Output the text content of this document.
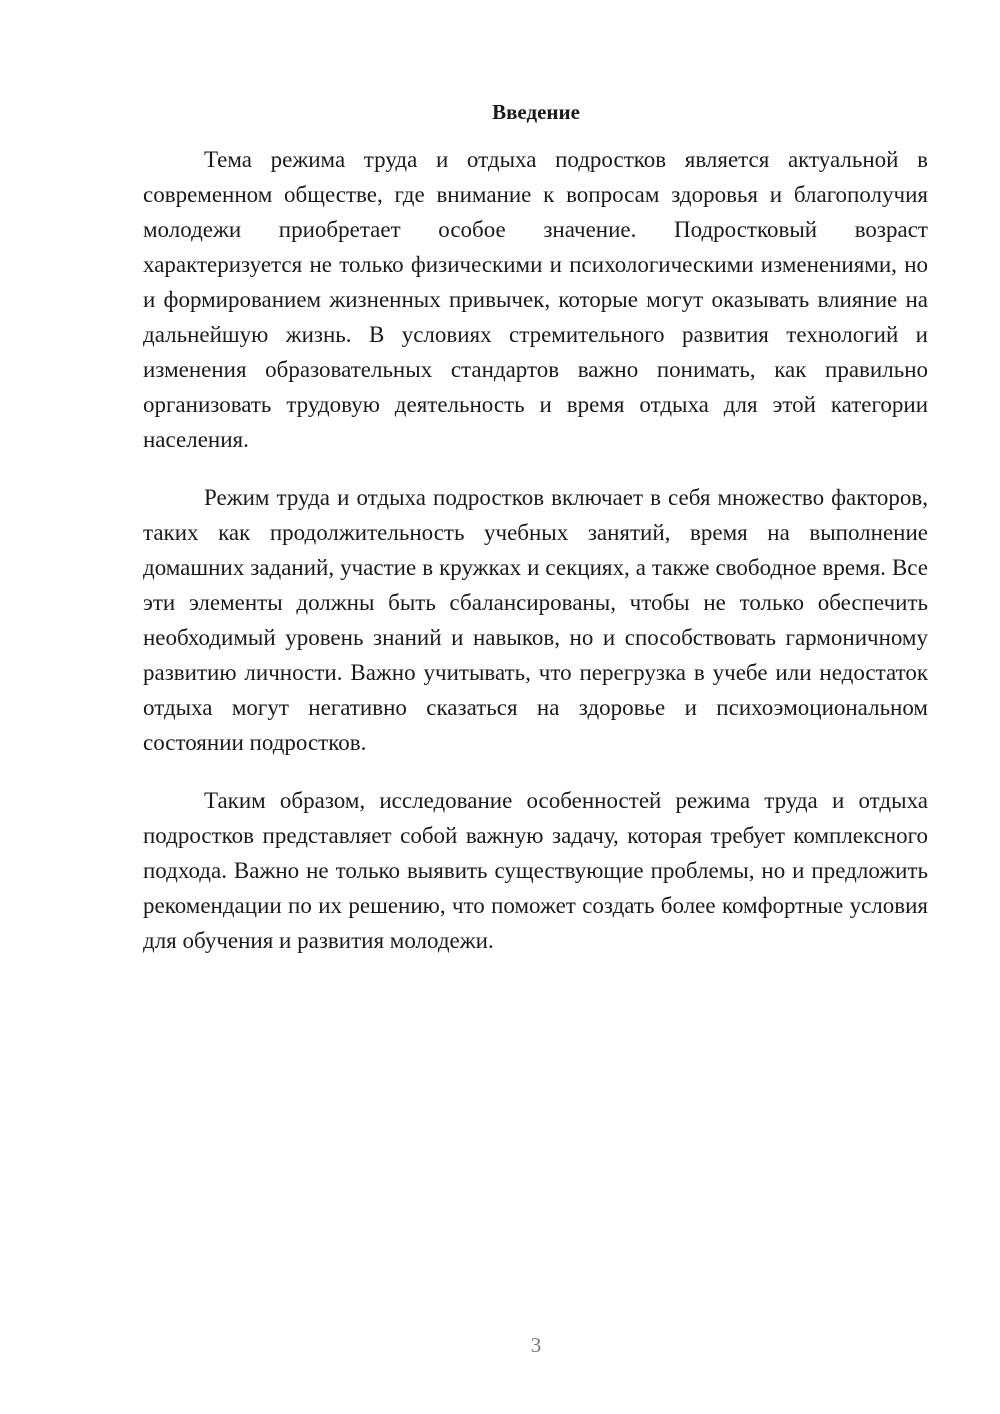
Введение

Тема режима труда и отдыха подростков является актуальной в современном обществе, где внимание к вопросам здоровья и благополучия молодежи приобретает особое значение. Подростковый возраст характеризуется не только физическими и психологическими изменениями, но и формированием жизненных привычек, которые могут оказывать влияние на дальнейшую жизнь. В условиях стремительного развития технологий и изменения образовательных стандартов важно понимать, как правильно организовать трудовую деятельность и время отдыха для этой категории населения.

Режим труда и отдыха подростков включает в себя множество факторов, таких как продолжительность учебных занятий, время на выполнение домашних заданий, участие в кружках и секциях, а также свободное время. Все эти элементы должны быть сбалансированы, чтобы не только обеспечить необходимый уровень знаний и навыков, но и способствовать гармоничному развитию личности. Важно учитывать, что перегрузка в учебе или недостаток отдыха могут негативно сказаться на здоровье и психоэмоциональном состоянии подростков.

Таким образом, исследование особенностей режима труда и отдыха подростков представляет собой важную задачу, которая требует комплексного подхода. Важно не только выявить существующие проблемы, но и предложить рекомендации по их решению, что поможет создать более комфортные условия для обучения и развития молодежи.

3
